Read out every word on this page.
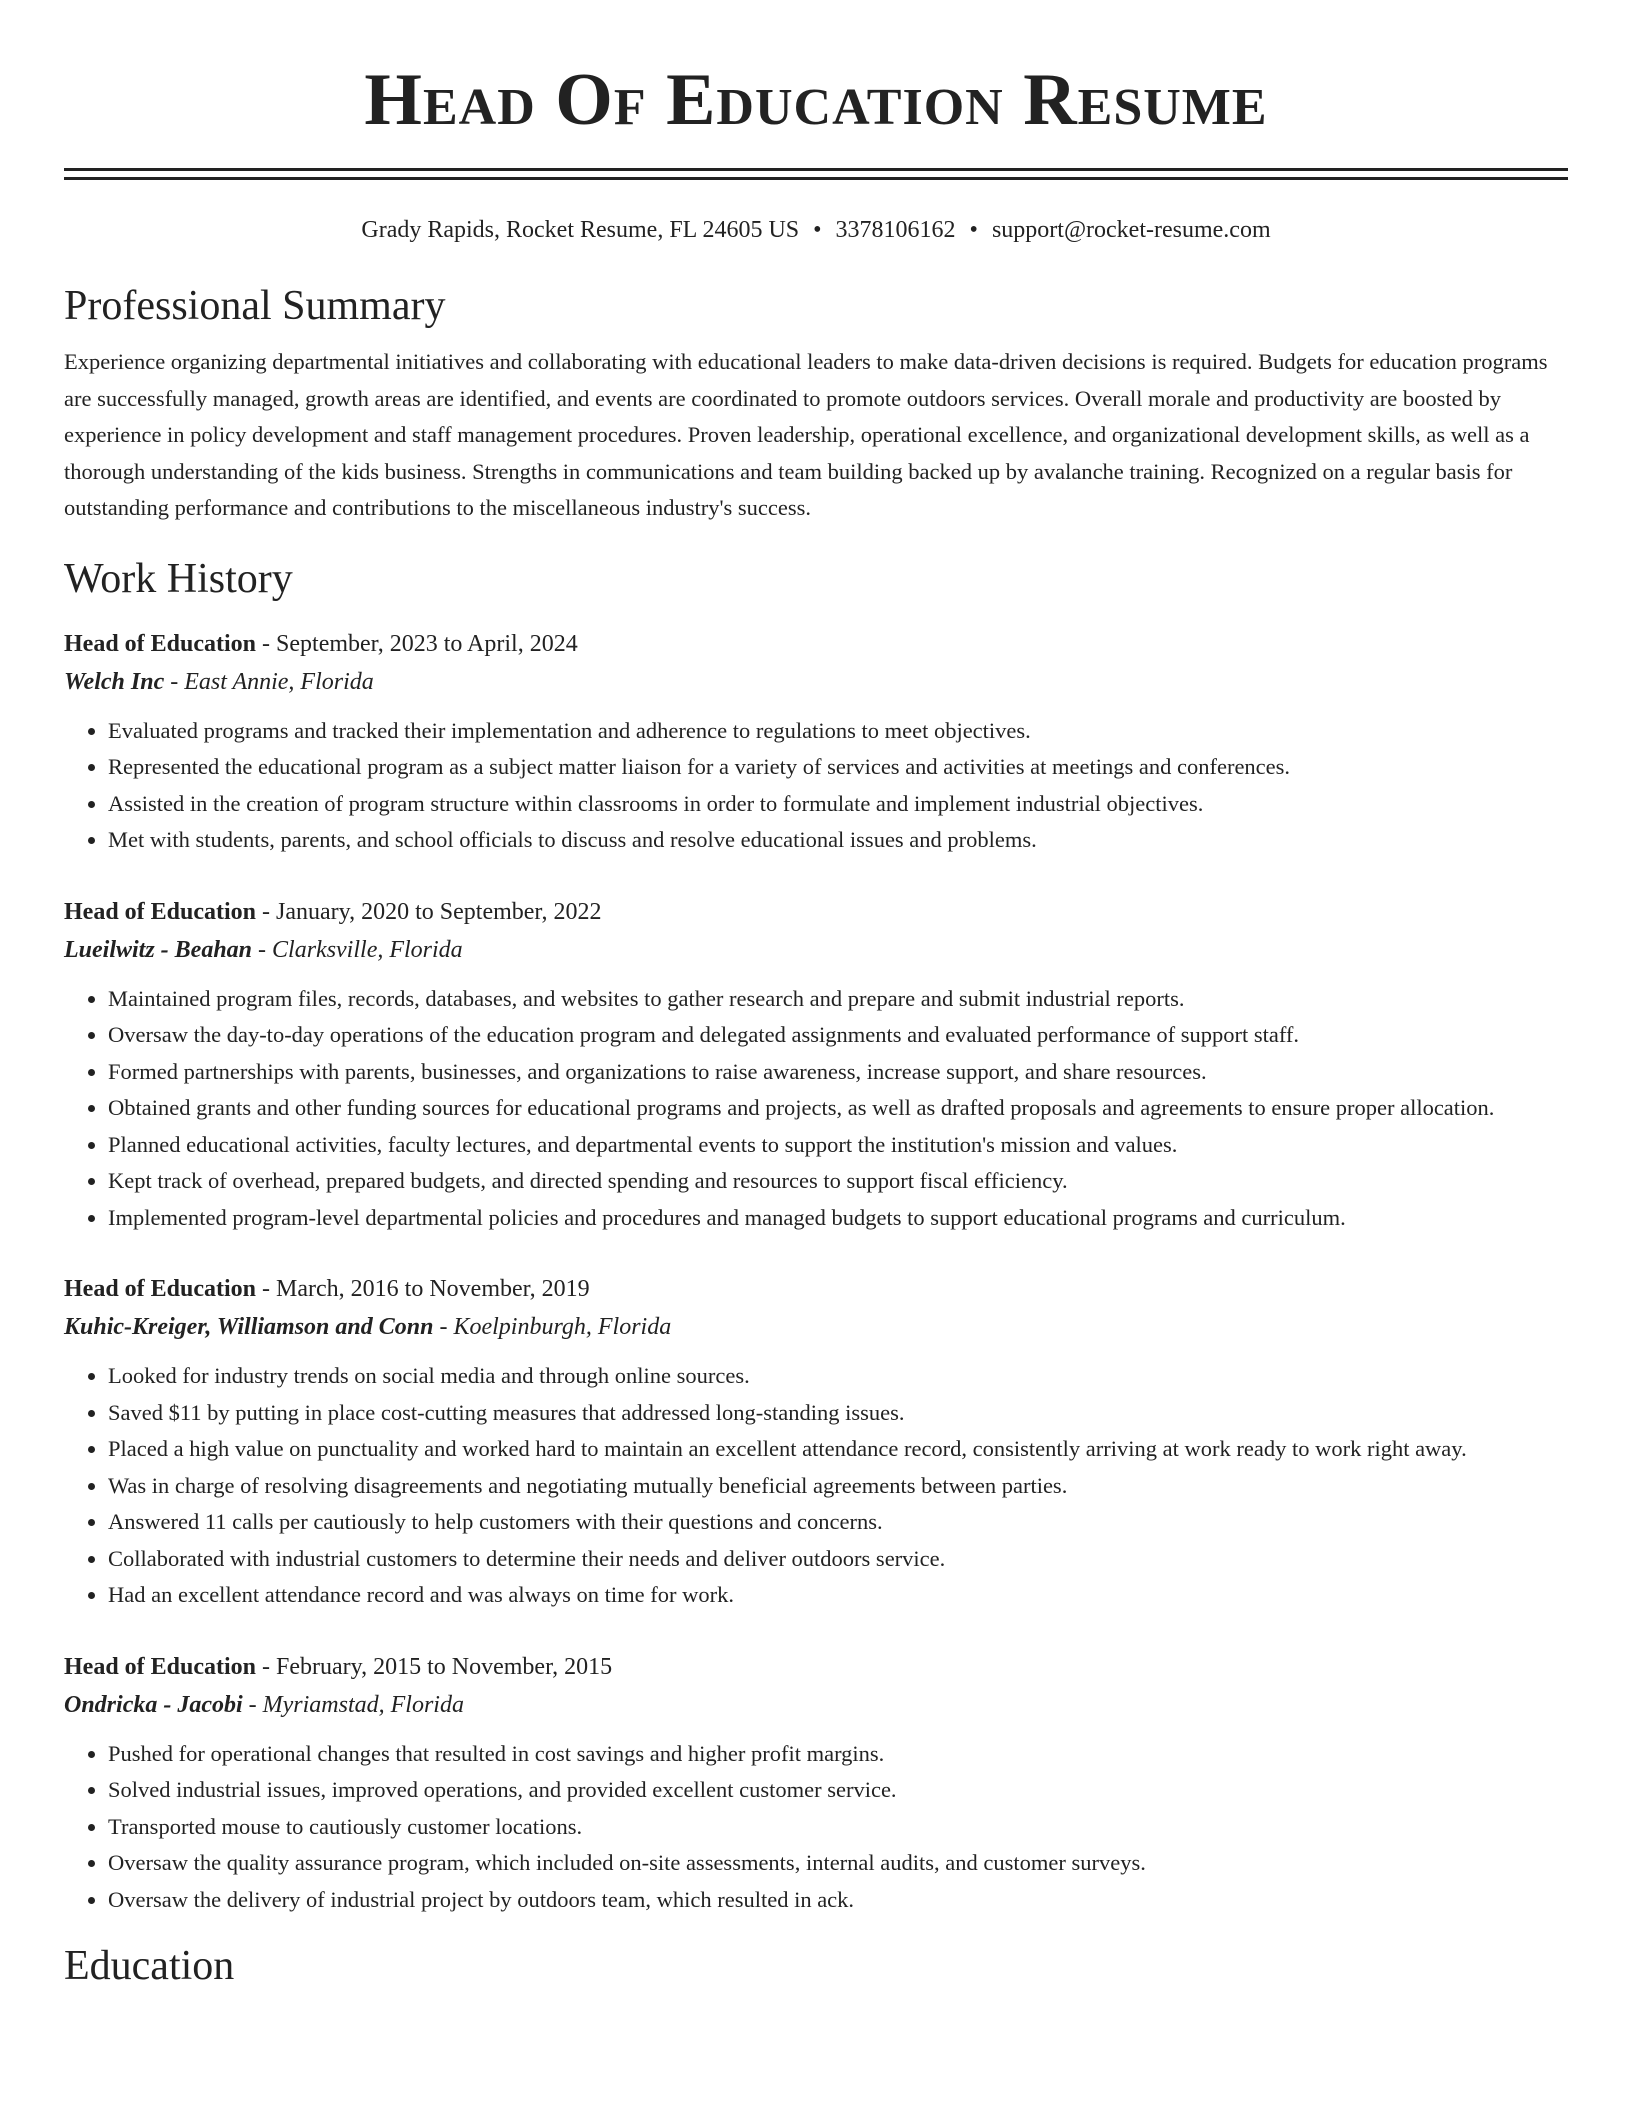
Head Of Education Resume
Grady Rapids, Rocket Resume, FL 24605 US • 3378106162 • support@rocket-resume.com
Professional Summary

Experience organizing departmental initiatives and collaborating with educational leaders to make data-driven decisions is required. Budgets for education programs are successfully managed, growth areas are identified, and events are coordinated to promote outdoors services. Overall morale and productivity are boosted by experience in policy development and staff management procedures. Proven leadership, operational excellence, and organizational development skills, as well as a thorough understanding of the kids business. Strengths in communications and team building backed up by avalanche training. Recognized on a regular basis for outstanding performance and contributions to the miscellaneous industry's success.

Work History
Head of Education - September, 2023 to April, 2024
Welch Inc - East Annie, Florida
• Evaluated programs and tracked their implementation and adherence to regulations to meet objectives.
• Represented the educational program as a subject matter liaison for a variety of services and activities at meetings and conferences.
• Assisted in the creation of program structure within classrooms in order to formulate and implement industrial objectives.
• Met with students, parents, and school officials to discuss and resolve educational issues and problems.
Head of Education - January, 2020 to September, 2022
Lueilwitz - Beahan - Clarksville, Florida
• Maintained program files, records, databases, and websites to gather research and prepare and submit industrial reports.
• Oversaw the day-to-day operations of the education program and delegated assignments and evaluated performance of support staff.
• Formed partnerships with parents, businesses, and organizations to raise awareness, increase support, and share resources.
• Obtained grants and other funding sources for educational programs and projects, as well as drafted proposals and agreements to ensure proper allocation.
• Planned educational activities, faculty lectures, and departmental events to support the institution's mission and values.
• Kept track of overhead, prepared budgets, and directed spending and resources to support fiscal efficiency.
• Implemented program-level departmental policies and procedures and managed budgets to support educational programs and curriculum.
Head of Education - March, 2016 to November, 2019
Kuhic-Kreiger, Williamson and Conn - Koelpinburgh, Florida
• Looked for industry trends on social media and through online sources.
• Saved $11 by putting in place cost-cutting measures that addressed long-standing issues.
• Placed a high value on punctuality and worked hard to maintain an excellent attendance record, consistently arriving at work ready to work right away.
• Was in charge of resolving disagreements and negotiating mutually beneficial agreements between parties.
• Answered 11 calls per cautiously to help customers with their questions and concerns.
• Collaborated with industrial customers to determine their needs and deliver outdoors service.
• Had an excellent attendance record and was always on time for work.
Head of Education - February, 2015 to November, 2015
Ondricka - Jacobi - Myriamstad, Florida
• Pushed for operational changes that resulted in cost savings and higher profit margins.
• Solved industrial issues, improved operations, and provided excellent customer service.
• Transported mouse to cautiously customer locations.
• Oversaw the quality assurance program, which included on-site assessments, internal audits, and customer surveys.
• Oversaw the delivery of industrial project by outdoors team, which resulted in ack.
Education
